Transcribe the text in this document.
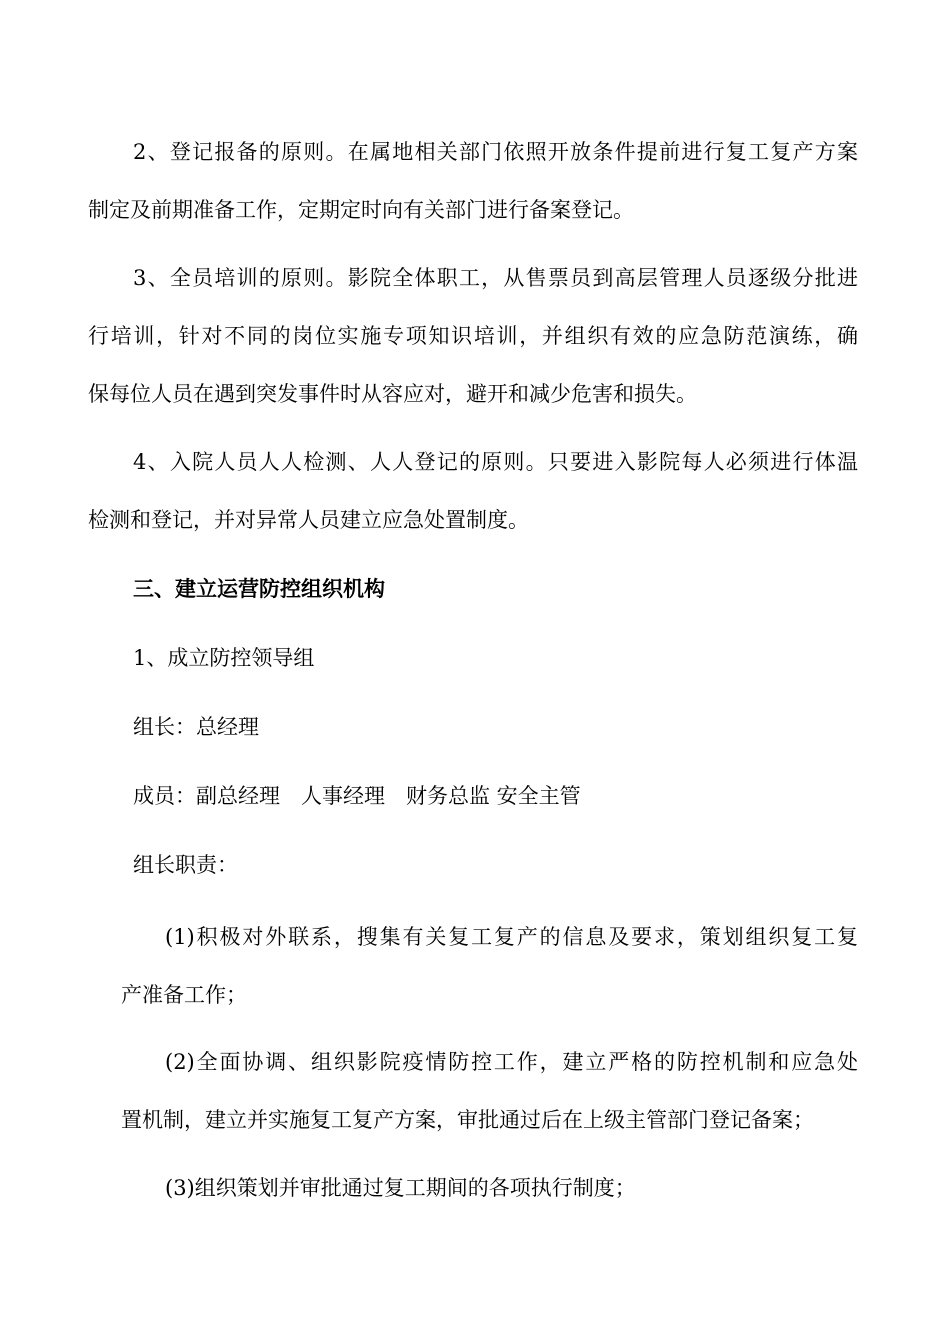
2、登记报备的原则。在属地相关部门依照开放条件提前进行复工复产方案
制定及前期准备工作，定期定时向有关部门进行备案登记。
3、全员培训的原则。影院全体职工，从售票员到高层管理人员逐级分批进
行培训，针对不同的岗位实施专项知识培训，并组织有效的应急防范演练，确
保每位人员在遇到突发事件时从容应对，避开和减少危害和损失。
4、入院人员人人检测、人人登记的原则。只要进入影院每人必须进行体温
检测和登记，并对异常人员建立应急处置制度。
三、建立运营防控组织机构
1、成立防控领导组
组长：总经理
成员：副总经理　人事经理　财务总监 安全主管
组长职责：
(1)积极对外联系，搜集有关复工复产的信息及要求，策划组织复工复
产准备工作；
(2)全面协调、组织影院疫情防控工作，建立严格的防控机制和应急处
置机制，建立并实施复工复产方案，审批通过后在上级主管部门登记备案；
(3)组织策划并审批通过复工期间的各项执行制度；
